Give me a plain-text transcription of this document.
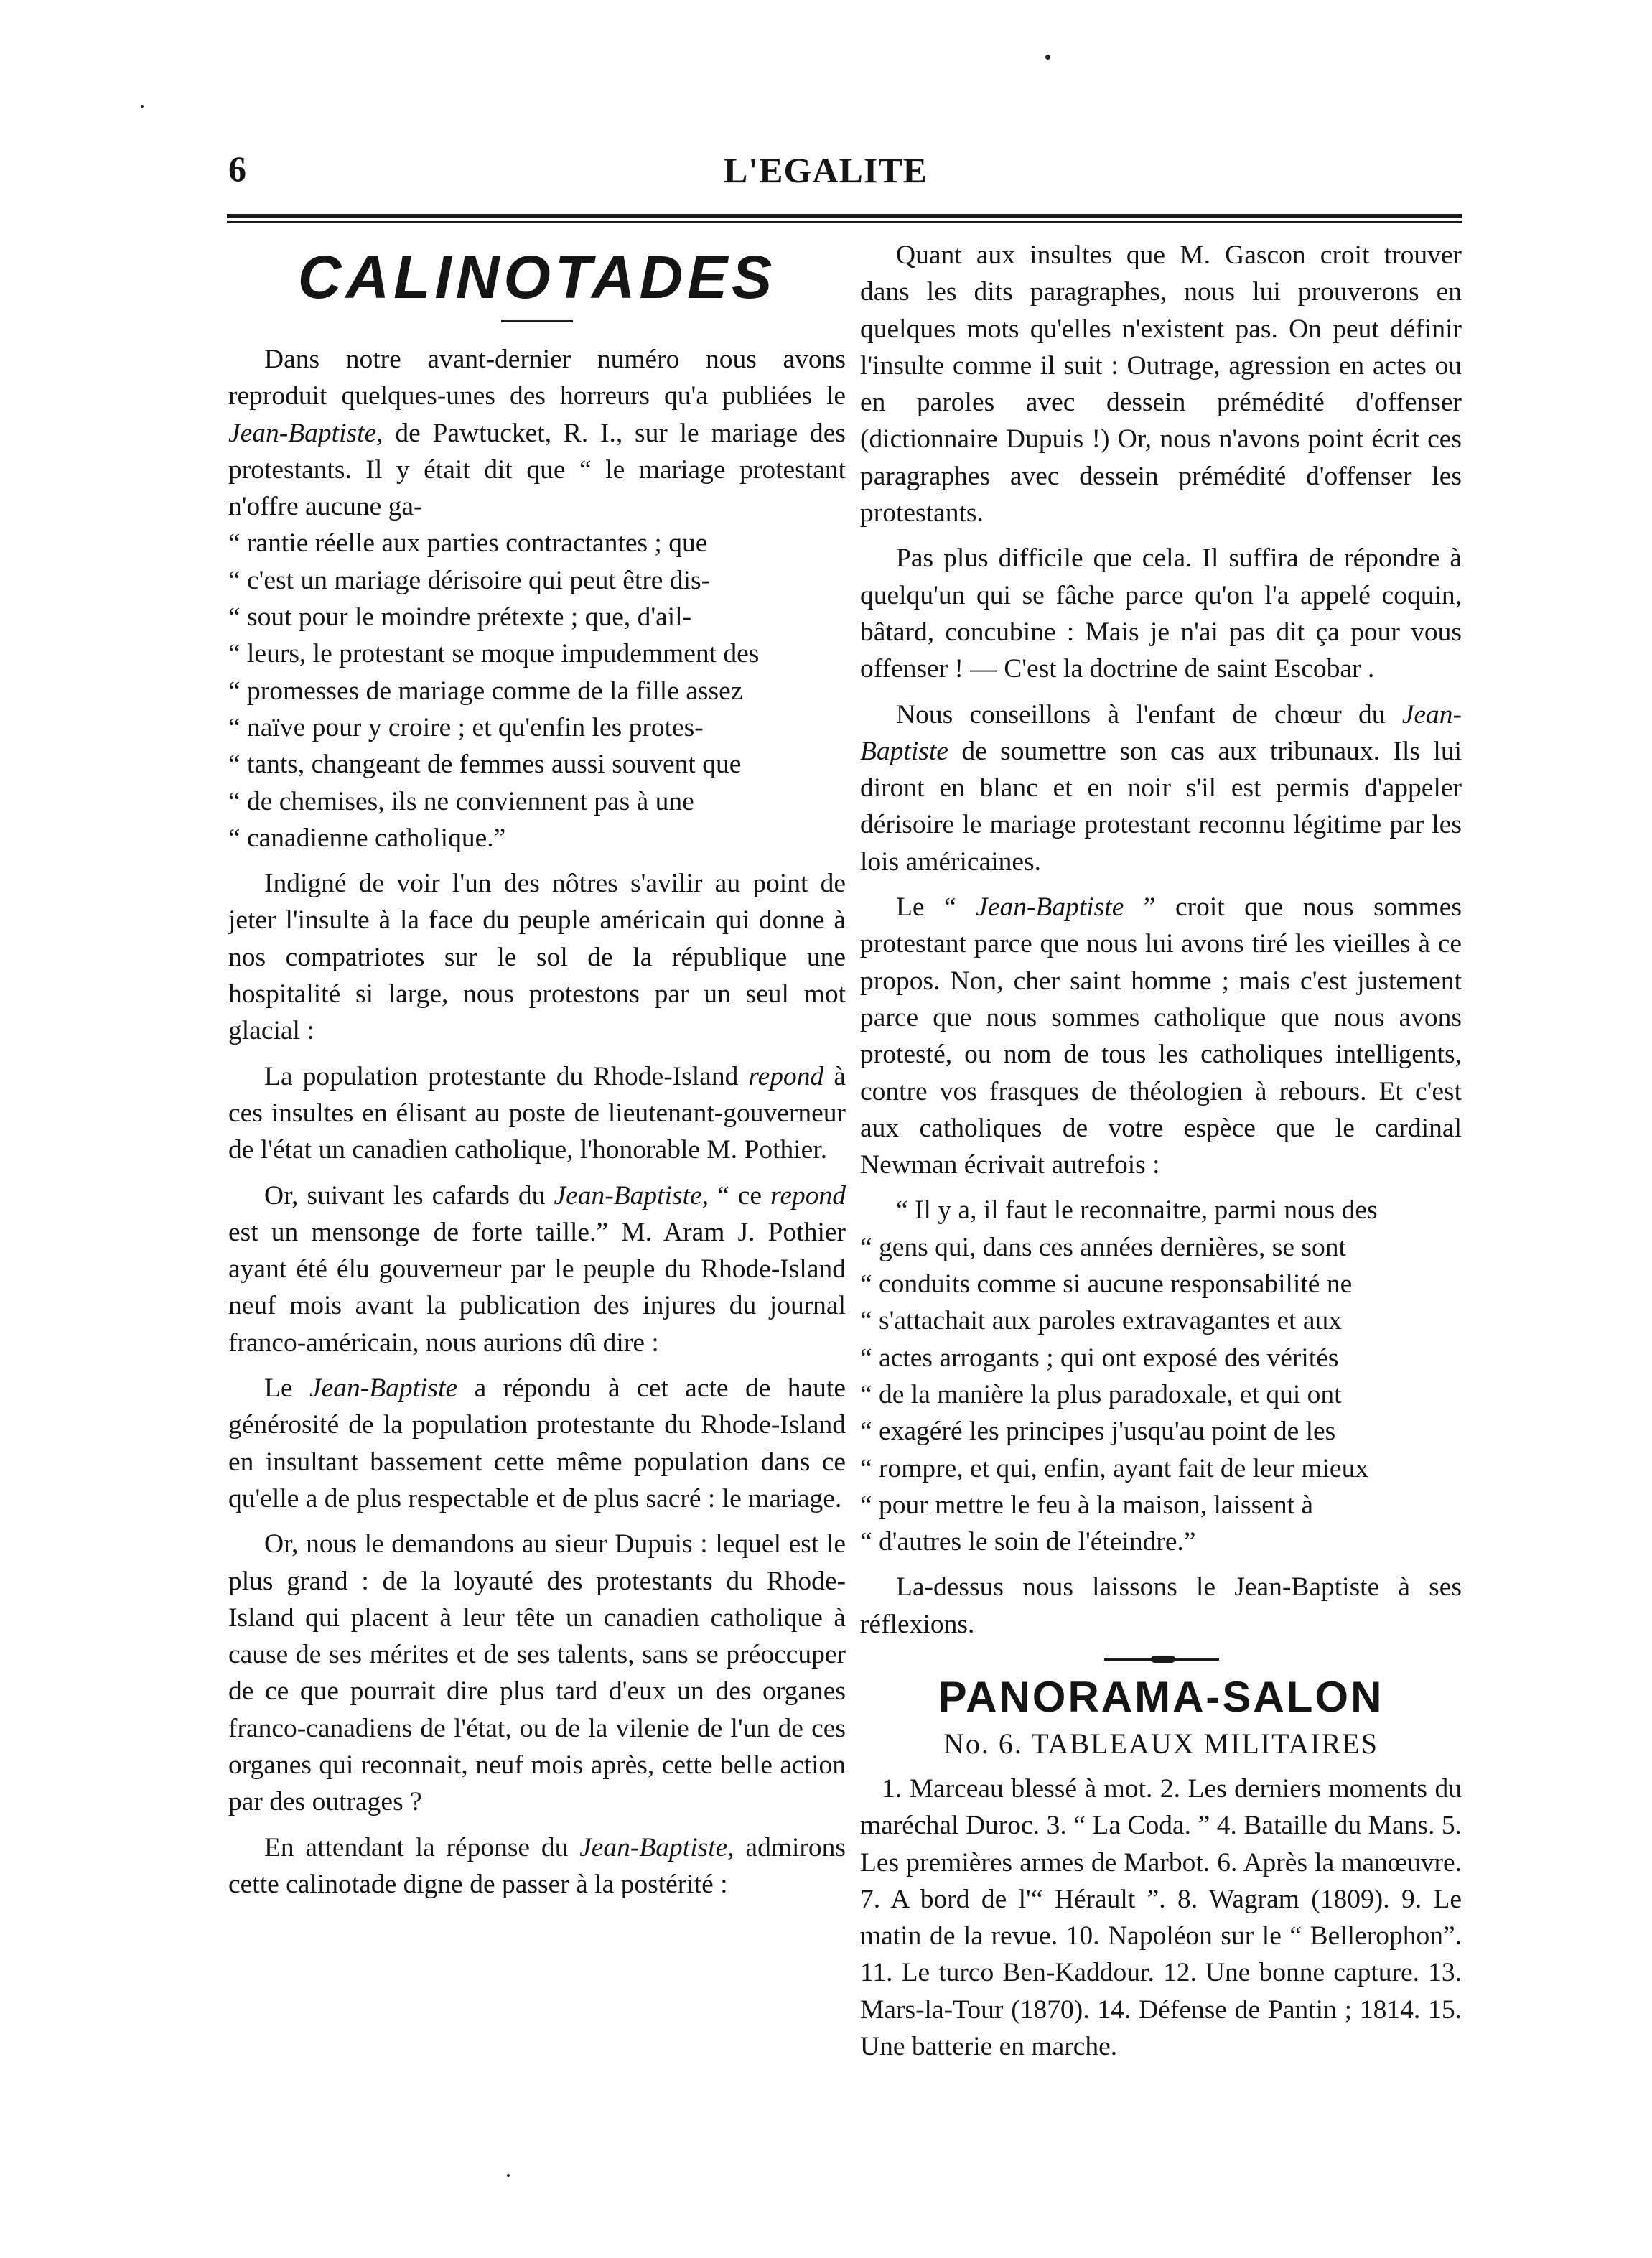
6	L'EGALITE
CALINOTADES

Dans notre avant-dernier numéro nous avons reproduit quelques-unes des horreurs qu'a publiées le Jean-Baptiste, de Pawtucket, R. I., sur le mariage des protestants. Il y était dit que “ le mariage protestant n'offre aucune ga-

“ rantie réelle aux parties contractantes ; que
“ c'est un mariage dérisoire qui peut être dis-
“ sout pour le moindre prétexte ; que, d'ail-
“ leurs, le protestant se moque impudemment des
“ promesses de mariage comme de la fille assez
“ naïve pour y croire ; et qu'enfin les protes-
“ tants, changeant de femmes aussi souvent que
“ de chemises, ils ne conviennent pas à une
“ canadienne catholique.”

Indigné de voir l'un des nôtres s'avilir au point de jeter l'insulte à la face du peuple américain qui donne à nos compatriotes sur le sol de la république une hospitalité si large, nous protestons par un seul mot glacial :

La population protestante du Rhode-Island repond à ces insultes en élisant au poste de lieutenant-gouverneur de l'état un canadien catholique, l'honorable M. Pothier.

Or, suivant les cafards du Jean-Baptiste, “ ce repond est un mensonge de forte taille.” M. Aram J. Pothier ayant été élu gouverneur par le peuple du Rhode-Island neuf mois avant la publication des injures du journal franco-américain, nous aurions dû dire :

Le Jean-Baptiste a répondu à cet acte de haute générosité de la population protestante du Rhode-Island en insultant bassement cette même population dans ce qu'elle a de plus respectable et de plus sacré : le mariage.

Or, nous le demandons au sieur Dupuis : lequel est le plus grand : de la loyauté des protestants du Rhode-Island qui placent à leur tête un canadien catholique à cause de ses mérites et de ses talents, sans se préoccuper de ce que pourrait dire plus tard d'eux un des organes franco-canadiens de l'état, ou de la vilenie de l'un de ces organes qui reconnait, neuf mois après, cette belle action par des outrages ?

En attendant la réponse du Jean-Baptiste, admirons cette calinotade digne de passer à la postérité :

Quant aux insultes que M. Gascon croit trouver dans les dits paragraphes, nous lui prouverons en quelques mots qu'elles n'existent pas. On peut définir l'insulte comme il suit : Outrage, agression en actes ou en paroles avec dessein prémédité d'offenser (dictionnaire Dupuis !) Or, nous n'avons point écrit ces paragraphes avec dessein prémédité d'offenser les protestants.

Pas plus difficile que cela. Il suffira de répondre à quelqu'un qui se fâche parce qu'on l'a appelé coquin, bâtard, concubine : Mais je n'ai pas dit ça pour vous offenser ! — C'est la doctrine de saint Escobar .

Nous conseillons à l'enfant de chœur du Jean-Baptiste de soumettre son cas aux tribunaux. Ils lui diront en blanc et en noir s'il est permis d'appeler dérisoire le mariage protestant reconnu légitime par les lois américaines.

Le “ Jean-Baptiste ” croit que nous sommes protestant parce que nous lui avons tiré les vieilles à ce propos. Non, cher saint homme ; mais c'est justement parce que nous sommes catholique que nous avons protesté, ou nom de tous les catholiques intelligents, contre vos frasques de théologien à rebours. Et c'est aux catholiques de votre espèce que le cardinal Newman écrivait autrefois :

“ Il y a, il faut le reconnaitre, parmi nous des
“ gens qui, dans ces années dernières, se sont
“ conduits comme si aucune responsabilité ne
“ s'attachait aux paroles extravagantes et aux
“ actes arrogants ; qui ont exposé des vérités
“ de la manière la plus paradoxale, et qui ont
“ exagéré les principes j'usqu'au point de les
“ rompre, et qui, enfin, ayant fait de leur mieux
“ pour mettre le feu à la maison, laissent à
“ d'autres le soin de l'éteindre.”

La-dessus nous laissons le Jean-Baptiste à ses réflexions.

PANORAMA-SALON
No. 6. TABLEAUX MILITAIRES

1. Marceau blessé à mot. 2. Les derniers moments du maréchal Duroc. 3. “ La Coda. ” 4. Bataille du Mans. 5. Les premières armes de Marbot. 6. Après la manœuvre. 7. A bord de l'“ Hérault ”. 8. Wagram (1809). 9. Le matin de la revue. 10. Napoléon sur le “ Bellerophon”. 11. Le turco Ben-Kaddour. 12. Une bonne capture. 13. Mars-la-Tour (1870). 14. Défense de Pantin ; 1814. 15. Une batterie en marche.
